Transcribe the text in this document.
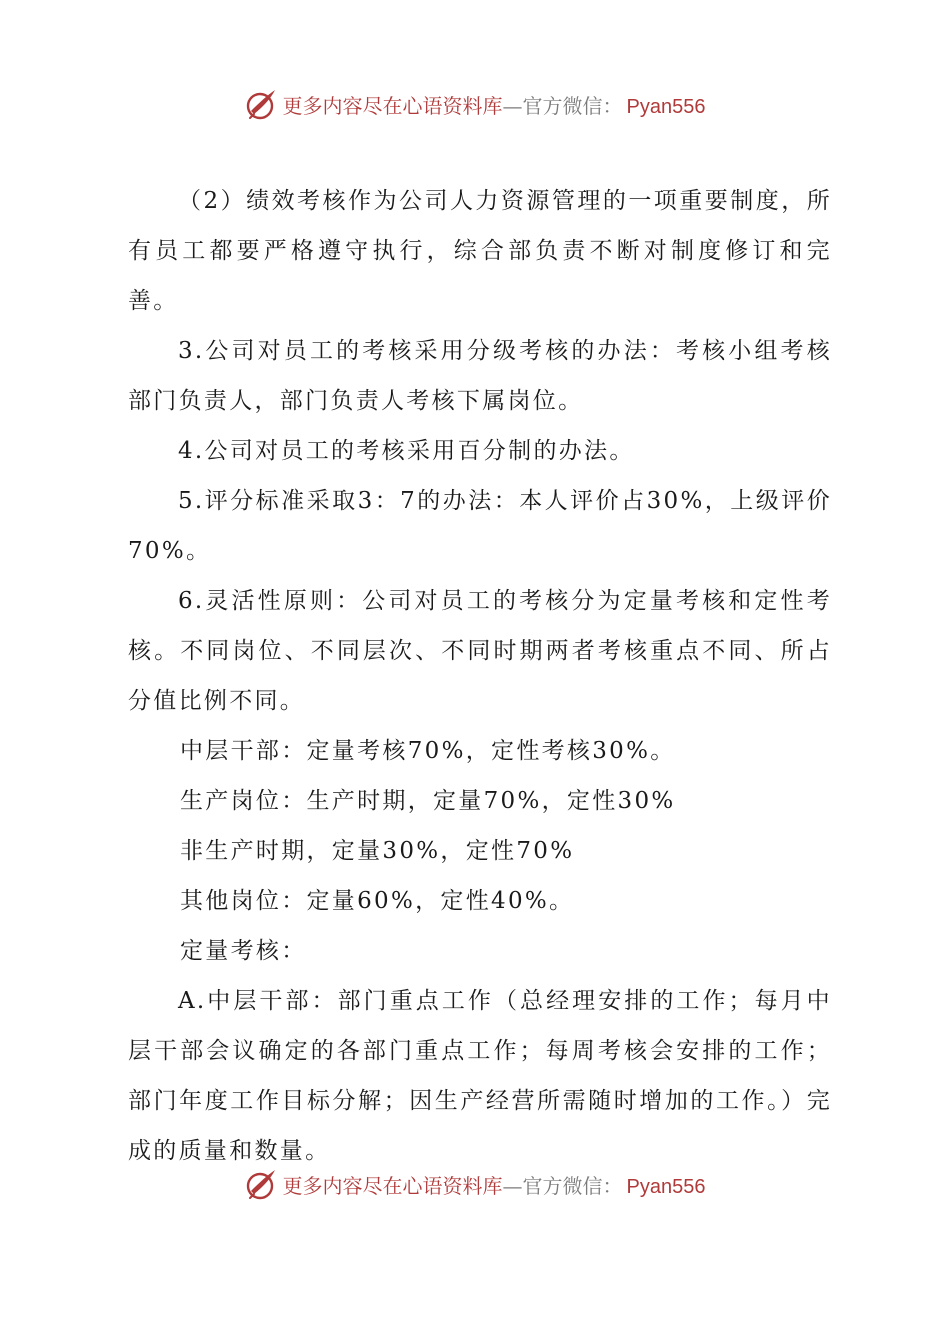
更多内容尽在心语资料库—官方微信： Pyan556

（2）绩效考核作为公司人力资源管理的一项重要制度，所有员工都要严格遵守执行，综合部负责不断对制度修订和完善。

3.公司对员工的考核采用分级考核的办法：考核小组考核部门负责人，部门负责人考核下属岗位。

4.公司对员工的考核采用百分制的办法。

5.评分标准采取3：7的办法：本人评价占30%，上级评价70%。

6.灵活性原则：公司对员工的考核分为定量考核和定性考核。不同岗位、不同层次、不同时期两者考核重点不同、所占分值比例不同。

中层干部：定量考核70%，定性考核30%。

生产岗位：生产时期，定量70%，定性30%

非生产时期，定量30%，定性70%

其他岗位：定量60%，定性40%。

定量考核：

A.中层干部：部门重点工作（总经理安排的工作；每月中层干部会议确定的各部门重点工作；每周考核会安排的工作；部门年度工作目标分解；因生产经营所需随时增加的工作。）完成的质量和数量。

更多内容尽在心语资料库—官方微信： Pyan556
